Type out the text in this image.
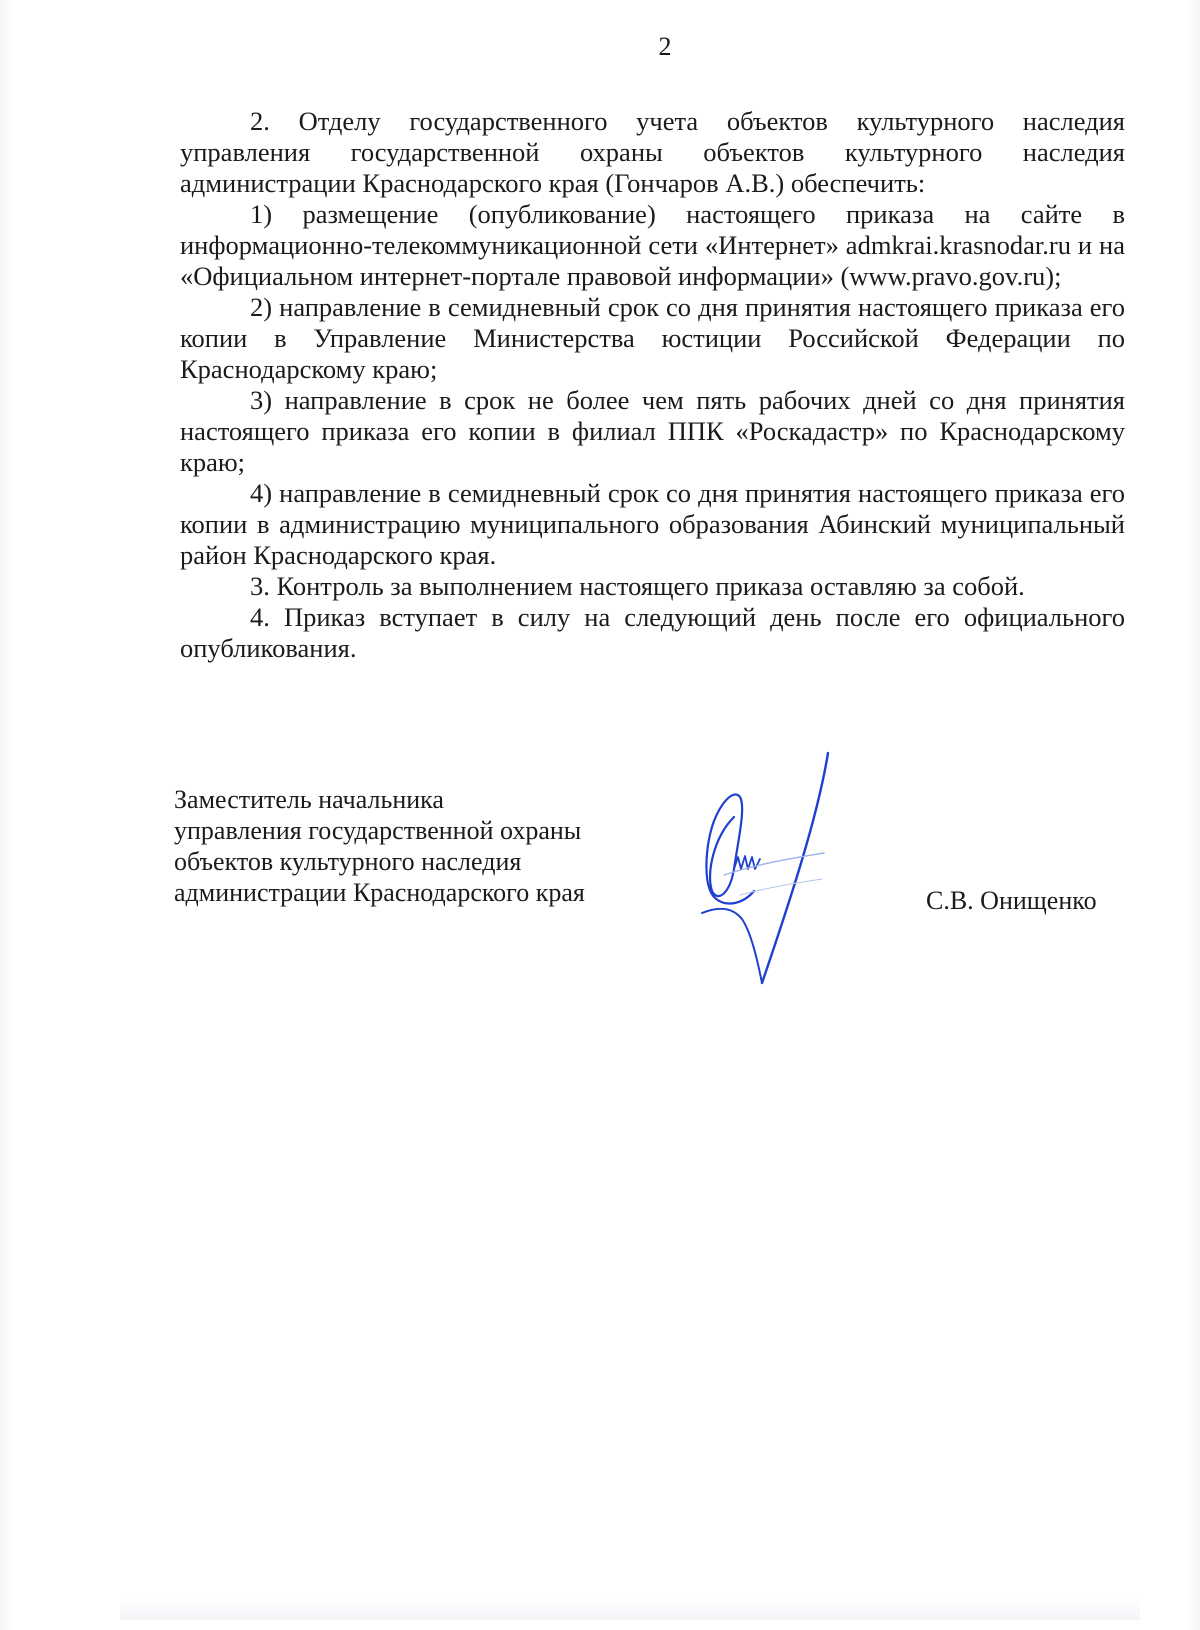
2

2. Отделу государственного учета объектов культурного наследия управления государственной охраны объектов культурного наследия администрации Краснодарского края (Гончаров А.В.) обеспечить:

1) размещение (опубликование) настоящего приказа на сайте в информационно-телекоммуникационной сети «Интернет» admkrai.krasnodar.ru и на «Официальном интернет-портале правовой информации» (www.pravo.gov.ru);

2) направление в семидневный срок со дня принятия настоящего приказа его копии в Управление Министерства юстиции Российской Федерации по Краснодарскому краю;

3) направление в срок не более чем пять рабочих дней со дня принятия настоящего приказа его копии в филиал ППК «Роскадастр» по Краснодарскому краю;

4) направление в семидневный срок со дня принятия настоящего приказа его копии в администрацию муниципального образования Абинский муниципальный район Краснодарского края.

3. Контроль за выполнением настоящего приказа оставляю за собой.

4. Приказ вступает в силу на следующий день после его официального опубликования.

Заместитель начальника
управления государственной охраны
объектов культурного наследия
администрации Краснодарского края	С.В. Онищенко
